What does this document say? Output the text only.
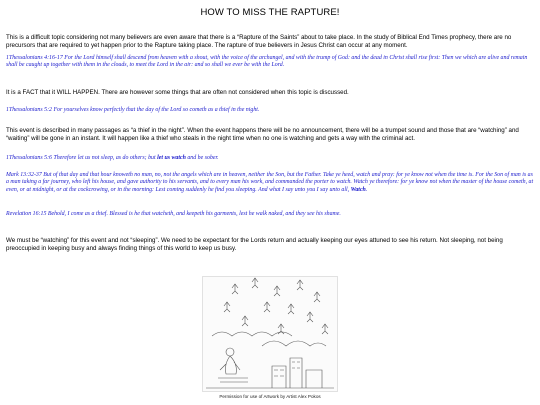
HOW TO MISS THE RAPTURE!
This is a difficult topic considering not many believers are even aware that there is a “Rapture of the Saints” about to take place. In the study of Biblical End Times prophecy, there are no precursors that are required to yet happen prior to the Rapture taking place. The rapture of true believers in Jesus Christ can occur at any moment.
1Thessalonians 4:16-17 For the Lord himself shall descend from heaven with a shout, with the voice of the archangel, and with the trump of God: and the dead in Christ shall rise first: Then we which are alive and remain shall be caught up together with them in the clouds, to meet the Lord in the air: and so shall we ever be with the Lord.
It is a FACT that it WILL HAPPEN. There are however some things that are often not considered when this topic is discussed.
1Thessalonians 5:2 For yourselves know perfectly that the day of the Lord so cometh as a thief in the night.
This event is described in many passages as “a thief in the night”. When the event happens there will be no announcement, there will be a trumpet sound and those that are “watching” and “waiting” will be gone in an instant. It will happen like a thief who steals in the night time when no one is watching and gets a way with the criminal act.
1Thessalonians 5:6 Therefore let us not sleep, as do others; but let us watch and be sober.
Mark 13:32-37 But of that day and that hour knoweth no man, no, not the angels which are in heaven, neither the Son, but the Father. Take ye heed, watch and pray: for ye know not when the time is. For the Son of man is as a man taking a far journey, who left his house, and gave authority to his servants, and to every man his work, and commanded the porter to watch. Watch ye therefore: for ye know not when the master of the house cometh, at even, or at midnight, or at the cockcrowing, or in the morning: Lest coming suddenly he find you sleeping. And what I say unto you I say unto all, Watch.
Revelation 16:15 Behold, I come as a thief. Blessed is he that watcheth, and keepeth his garments, lest he walk naked, and they see his shame.
We must be “watching” for this event and not “sleeping”. We need to be expectant for the Lords return and actually keeping our eyes attuned to see his return. Not sleeping, not being preoccupied in keeping busy and always finding things of this world to keep us busy.
Permission for use of Artwork by Artist Alex Pokos
